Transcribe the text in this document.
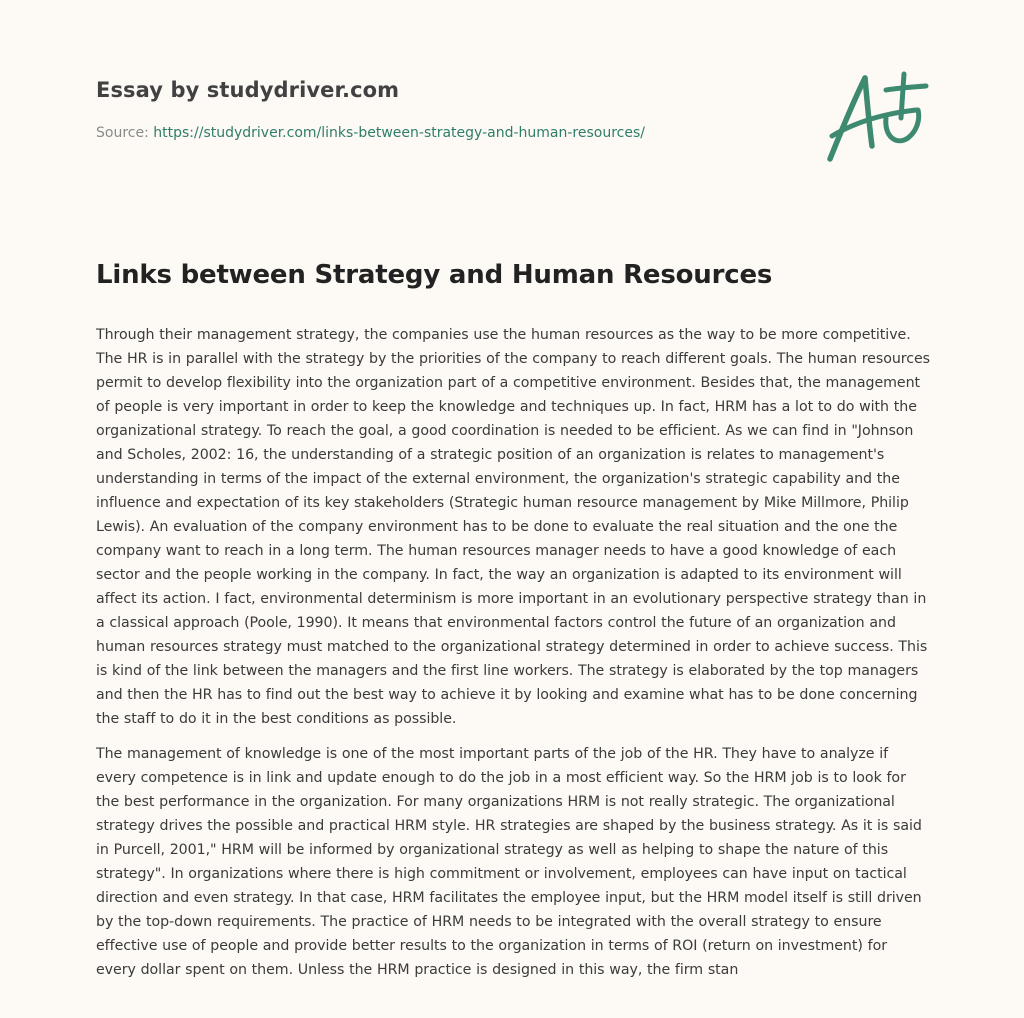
Essay by studydriver.com
Source: https://studydriver.com/links-between-strategy-and-human-resources/
Links between Strategy and Human Resources

Through their management strategy, the companies use the human resources as the way to be more competitive. The HR is in parallel with the strategy by the priorities of the company to reach different goals. The human resources permit to develop flexibility into the organization part of a competitive environment. Besides that, the management of people is very important in order to keep the knowledge and techniques up. In fact, HRM has a lot to do with the organizational strategy. To reach the goal, a good coordination is needed to be efficient. As we can find in "Johnson and Scholes, 2002: 16, the understanding of a strategic position of an organization is relates to management's understanding in terms of the impact of the external environment, the organization's strategic capability and the influence and expectation of its key stakeholders (Strategic human resource management by Mike Millmore, Philip Lewis). An evaluation of the company environment has to be done to evaluate the real situation and the one the company want to reach in a long term. The human resources manager needs to have a good knowledge of each sector and the people working in the company. In fact, the way an organization is adapted to its environment will affect its action. I fact, environmental determinism is more important in an evolutionary perspective strategy than in a classical approach (Poole, 1990). It means that environmental factors control the future of an organization and human resources strategy must matched to the organizational strategy determined in order to achieve success. This is kind of the link between the managers and the first line workers. The strategy is elaborated by the top managers and then the HR has to find out the best way to achieve it by looking and examine what has to be done concerning the staff to do it in the best conditions as possible.

The management of knowledge is one of the most important parts of the job of the HR. They have to analyze if every competence is in link and update enough to do the job in a most efficient way. So the HRM job is to look for the best performance in the organization. For many organizations HRM is not really strategic. The organizational strategy drives the possible and practical HRM style. HR strategies are shaped by the business strategy. As it is said in Purcell, 2001," HRM will be informed by organizational strategy as well as helping to shape the nature of this strategy". In organizations where there is high commitment or involvement, employees can have input on tactical direction and even strategy. In that case, HRM facilitates the employee input, but the HRM model itself is still driven by the top-down requirements. The practice of HRM needs to be integrated with the overall strategy to ensure effective use of people and provide better results to the organization in terms of ROI (return on investment) for every dollar spent on them. Unless the HRM practice is designed in this way, the firm stan
